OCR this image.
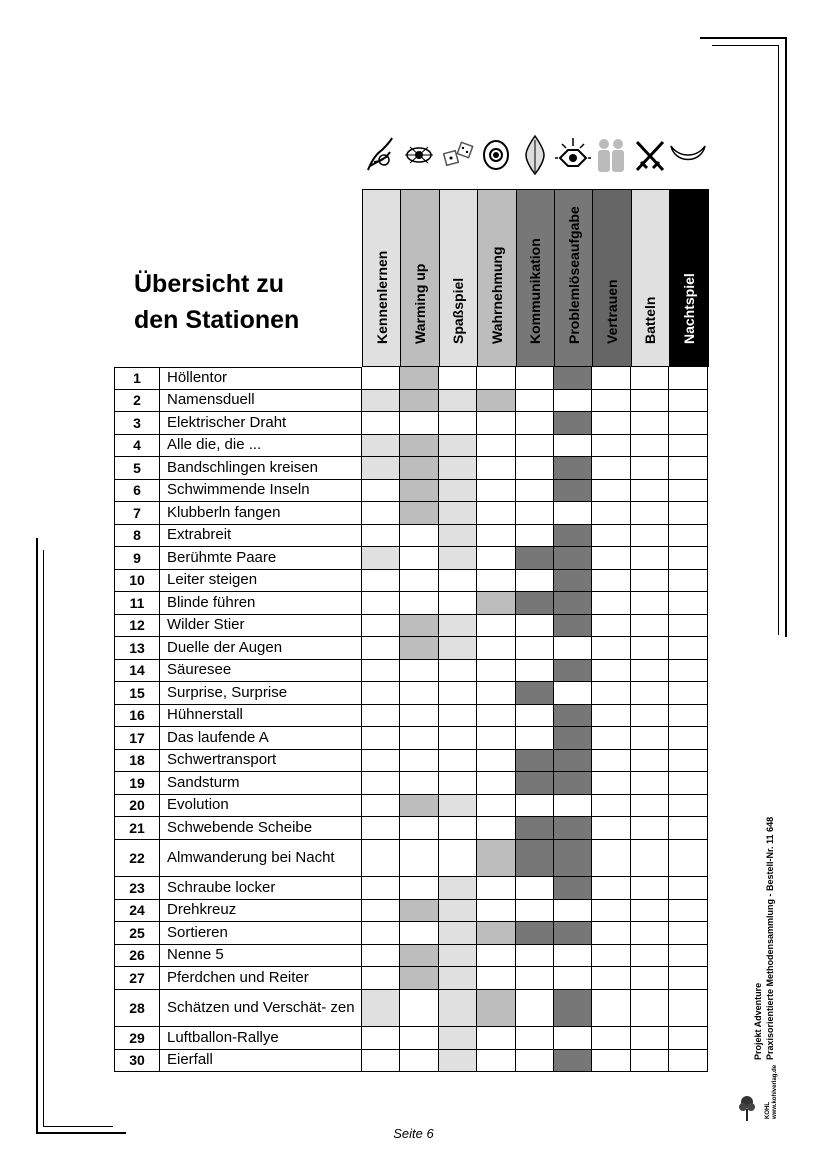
Übersicht zu
den Stationen	Kennenlernen Warming up Spaßspiel Wahrnehmung Kommunikation Problemlöseaufgabe Vertrauen Batteln Nachtspiel
1	Höllentor
2	Namensduell
3	Elektrischer Draht
4	Alle die, die ...
5	Bandschlingen kreisen
6	Schwimmende Inseln
7	Klubberln fangen
8	Extrabreit
9	Berühmte Paare
10	Leiter steigen
11	Blinde führen
12	Wilder Stier
13	Duelle der Augen
14	Säuresee
15	Surprise, Surprise
16	Hühnerstall
17	Das laufende A
18	Schwertransport
19	Sandsturm
20	Evolution
21	Schwebende Scheibe
22	Almwanderung bei Nacht
23	Schraube locker
24	Drehkreuz
25	Sortieren
26	Nenne 5
27	Pferdchen und Reiter
28	Schätzen und Verschät- zen
29	Luftballon-Rallye
30	Eierfall	Projekt Adventure Praxisorientierte Methodensammlung - Bestell-Nr. 11 648
KOHL www.kohlverlag.de
Seite 6
